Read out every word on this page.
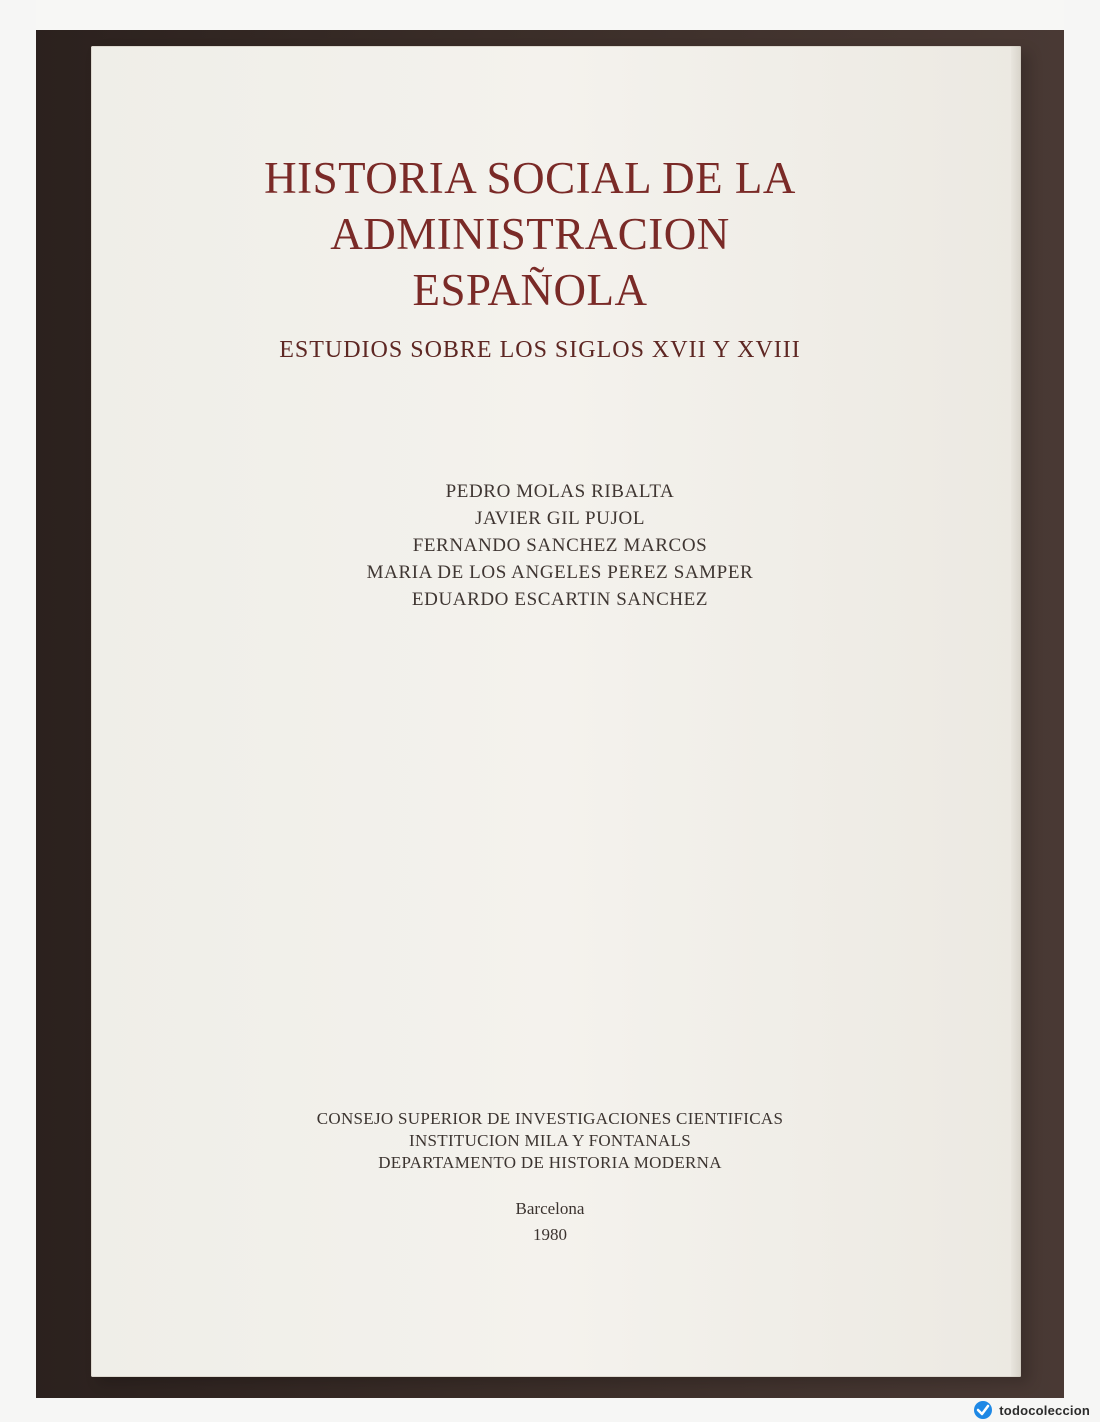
HISTORIA SOCIAL DE LA
ADMINISTRACION
ESPAÑOLA
ESTUDIOS SOBRE LOS SIGLOS XVII Y XVIII
PEDRO MOLAS RIBALTA
JAVIER GIL PUJOL
FERNANDO SANCHEZ MARCOS
MARIA DE LOS ANGELES PEREZ SAMPER
EDUARDO ESCARTIN SANCHEZ
CONSEJO SUPERIOR DE INVESTIGACIONES CIENTIFICAS
INSTITUCION MILA Y FONTANALS
DEPARTAMENTO DE HISTORIA MODERNA
Barcelona
1980
todocoleccion
